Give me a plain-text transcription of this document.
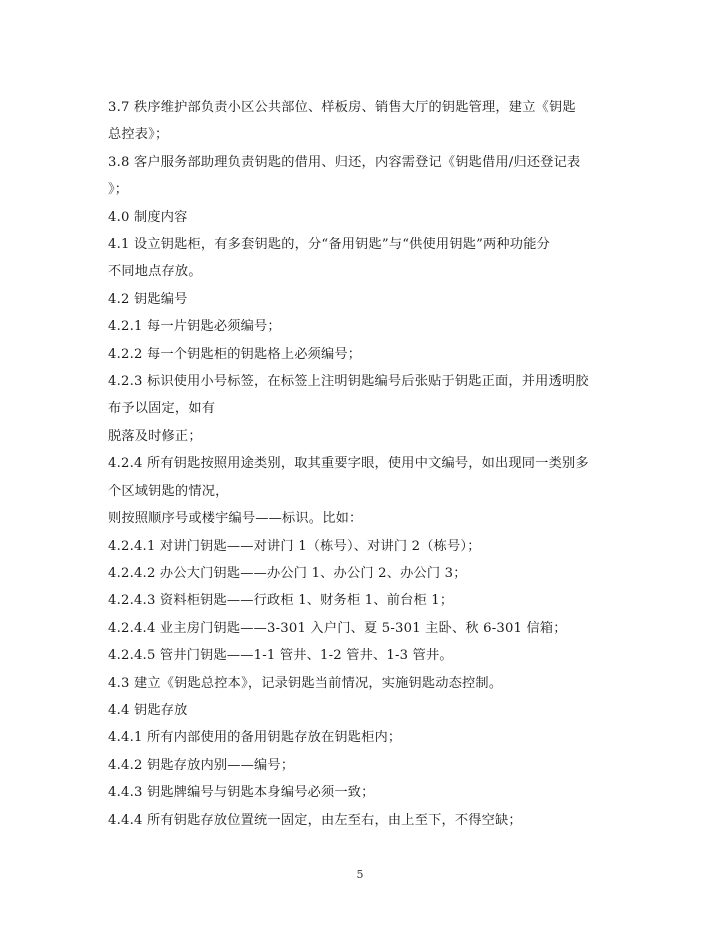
3.7 秩序维护部负责小区公共部位、样板房、销售大厅的钥匙管理，建立《钥匙

总控表》；

3.8 客户服务部助理负责钥匙的借用、归还，内容需登记《钥匙借用/归还登记表

》；

4.0 制度内容

4.1 设立钥匙柜，有多套钥匙的，分“备用钥匙”与“供使用钥匙”两种功能分

不同地点存放。

4.2 钥匙编号

4.2.1 每一片钥匙必须编号；

4.2.2 每一个钥匙柜的钥匙格上必须编号；

4.2.3 标识使用小号标签，在标签上注明钥匙编号后张贴于钥匙正面，并用透明胶

布予以固定，如有

脱落及时修正；

4.2.4 所有钥匙按照用途类别，取其重要字眼，使用中文编号，如出现同一类别多

个区域钥匙的情况，

则按照顺序号或楼宇编号——标识。比如：

4.2.4.1 对讲门钥匙——对讲门 1（栋号）、对讲门 2（栋号）；

4.2.4.2 办公大门钥匙——办公门 1、办公门 2、办公门 3；

4.2.4.3 资料柜钥匙——行政柜 1、财务柜 1、前台柜 1；

4.2.4.4 业主房门钥匙——3-301 入户门、夏 5-301 主卧、秋 6-301 信箱；

4.2.4.5 管井门钥匙——1-1 管井、1-2 管井、1-3 管井。

4.3 建立《钥匙总控本》，记录钥匙当前情况，实施钥匙动态控制。

4.4 钥匙存放

4.4.1 所有内部使用的备用钥匙存放在钥匙柜内；

4.4.2 钥匙存放内别——编号；

4.4.3 钥匙牌编号与钥匙本身编号必须一致；

4.4.4 所有钥匙存放位置统一固定，由左至右，由上至下，不得空缺；

5
